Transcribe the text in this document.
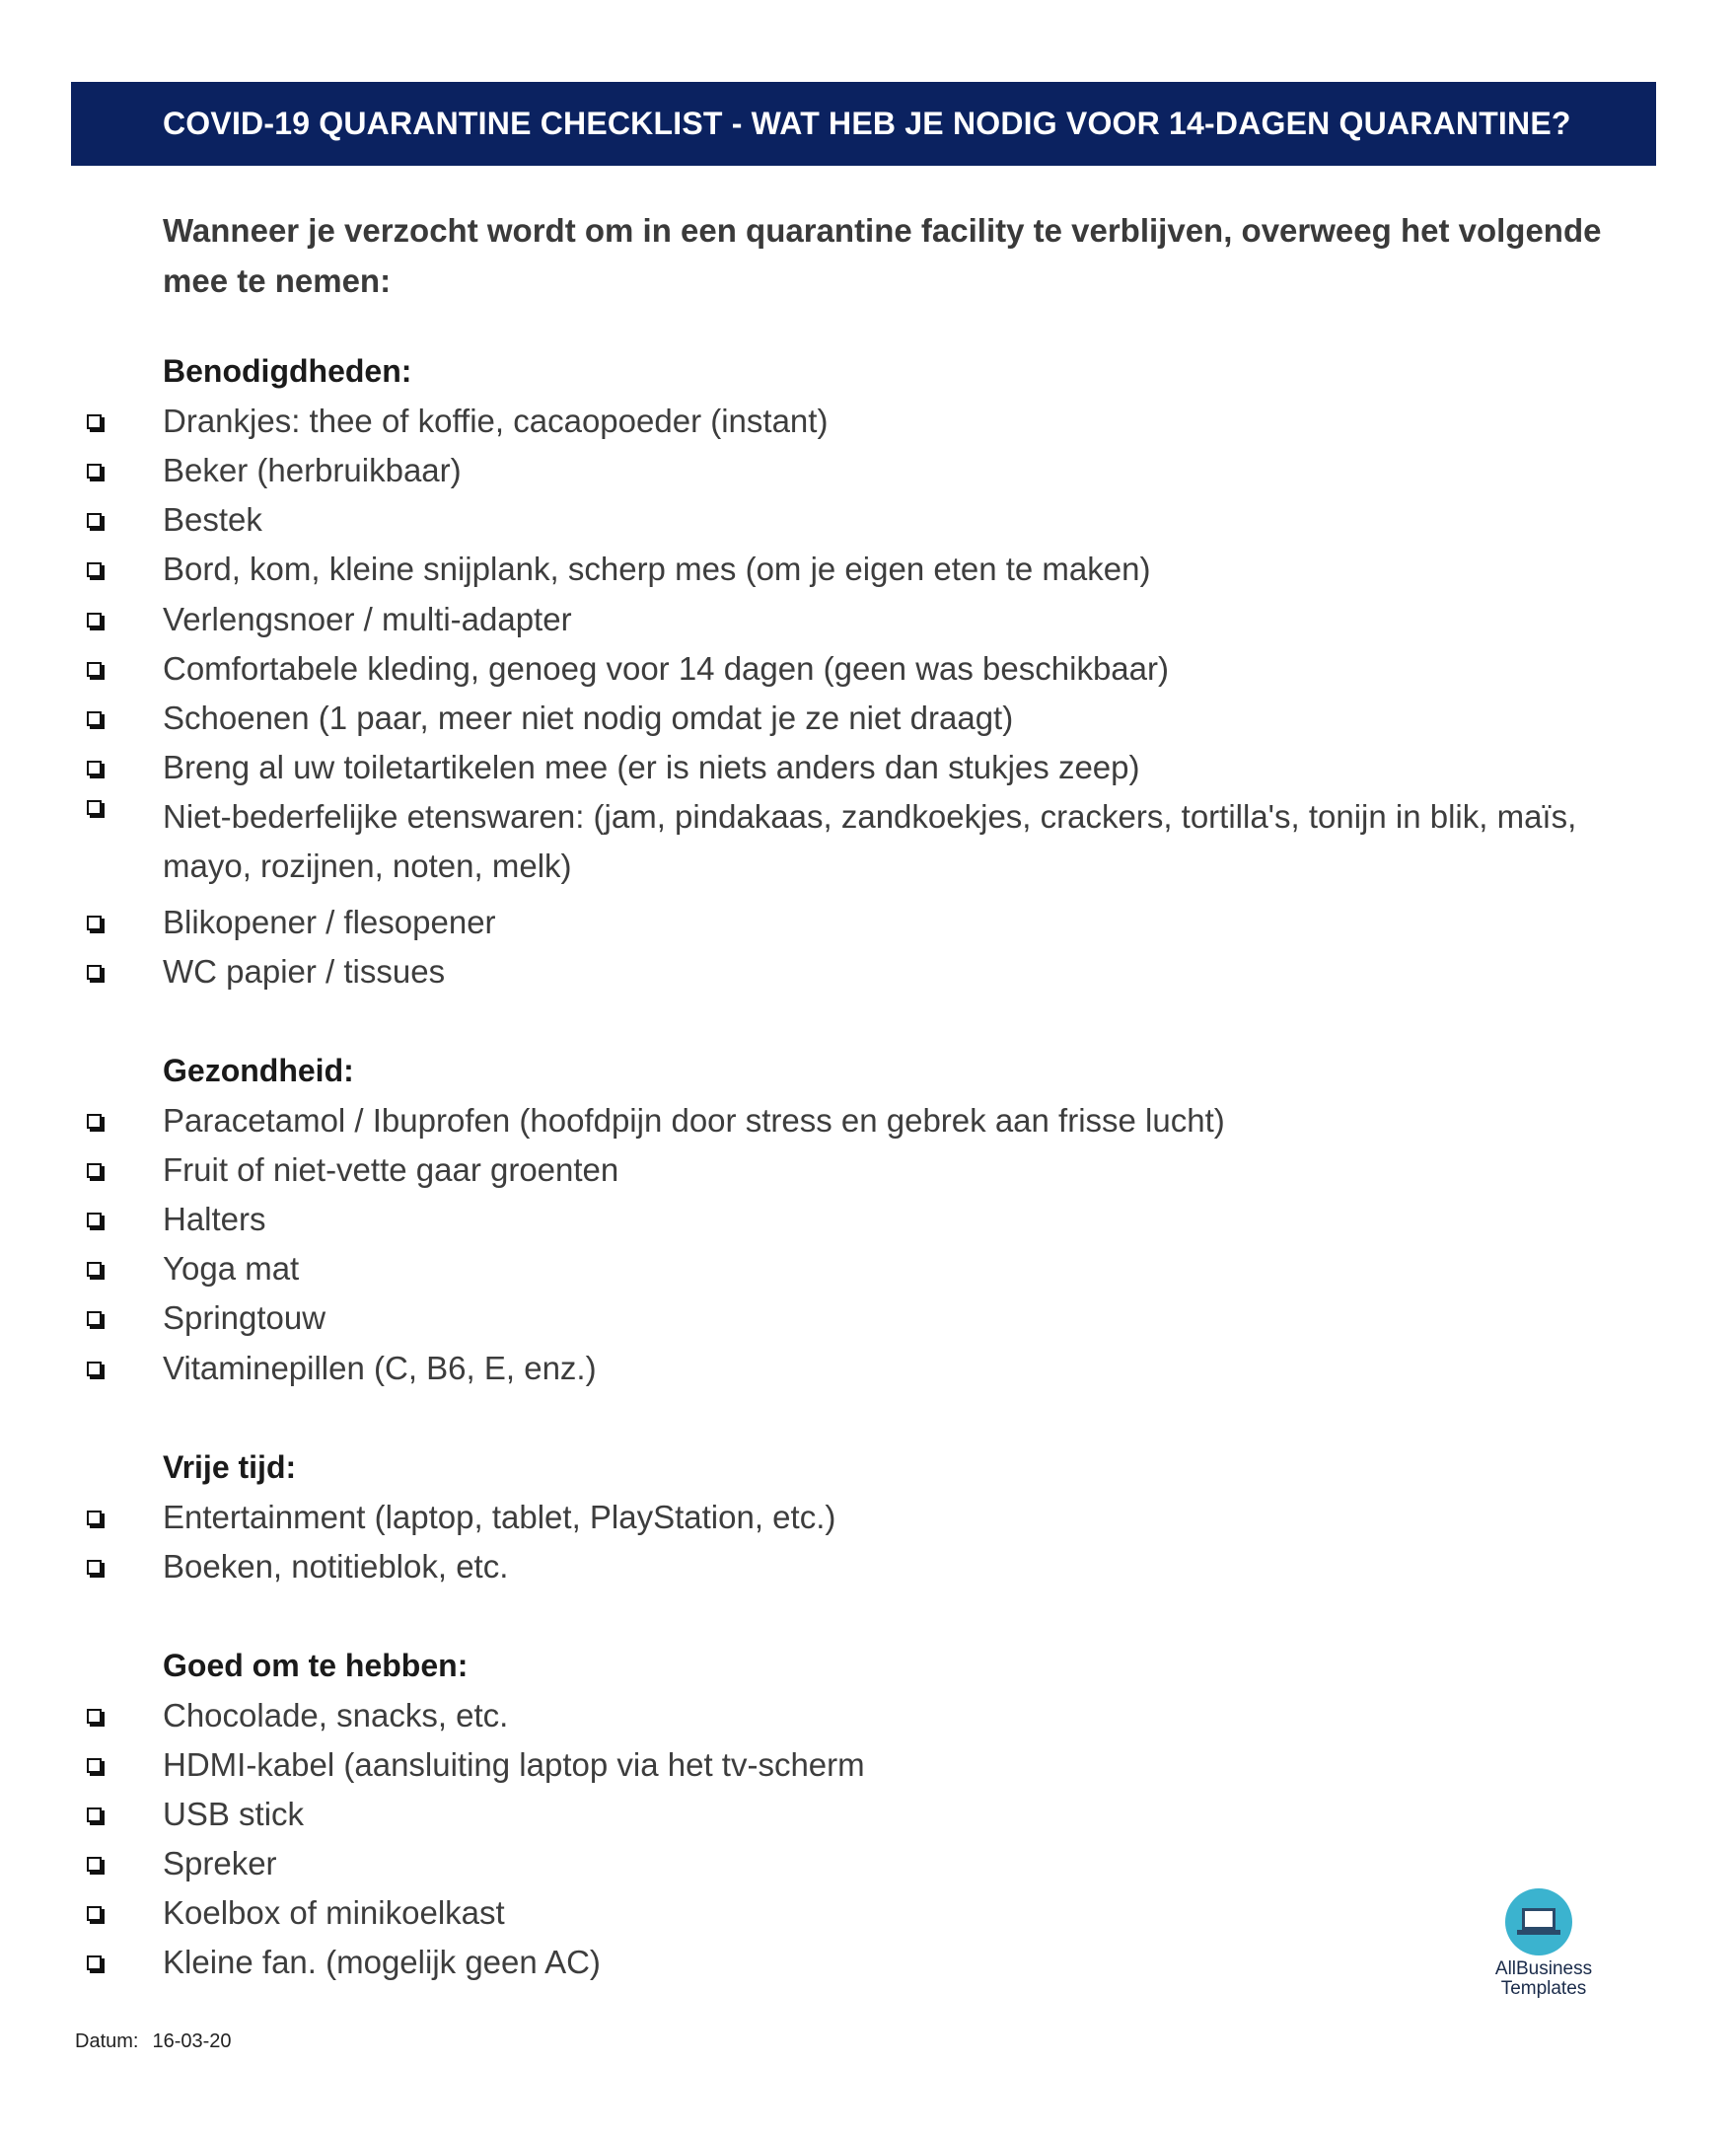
COVID-19 QUARANTINE CHECKLIST - WAT HEB JE NODIG VOOR 14-DAGEN QUARANTINE?
Wanneer je verzocht wordt om in een quarantine facility te verblijven, overweeg het volgende mee te nemen:
Benodigdheden:
Drankjes: thee of koffie, cacaopoeder (instant)
Beker (herbruikbaar)
Bestek
Bord, kom, kleine snijplank, scherp mes (om je eigen eten te maken)
Verlengsnoer / multi-adapter
Comfortabele kleding, genoeg voor 14 dagen (geen was beschikbaar)
Schoenen (1 paar, meer niet nodig omdat je ze niet draagt)
Breng al uw toiletartikelen mee (er is niets anders dan stukjes zeep)
Niet-bederfelijke etenswaren: (jam, pindakaas, zandkoekjes, crackers, tortilla's, tonijn in blik, maïs, mayo, rozijnen, noten, melk)
Blikopener / flesopener
WC papier / tissues
Gezondheid:
Paracetamol / Ibuprofen (hoofdpijn door stress en gebrek aan frisse lucht)
Fruit of niet-vette gaar groenten
Halters
Yoga mat
Springtouw
Vitaminepillen (C, B6, E, enz.)
Vrije tijd:
Entertainment (laptop, tablet, PlayStation, etc.)
Boeken, notitieblok, etc.
Goed om te hebben:
Chocolade, snacks, etc.
HDMI-kabel (aansluiting laptop via het tv-scherm
USB stick
Spreker
Koelbox of minikoelkast
Kleine fan. (mogelijk geen AC)	AllBusiness
Templates
Datum: 16-03-20
